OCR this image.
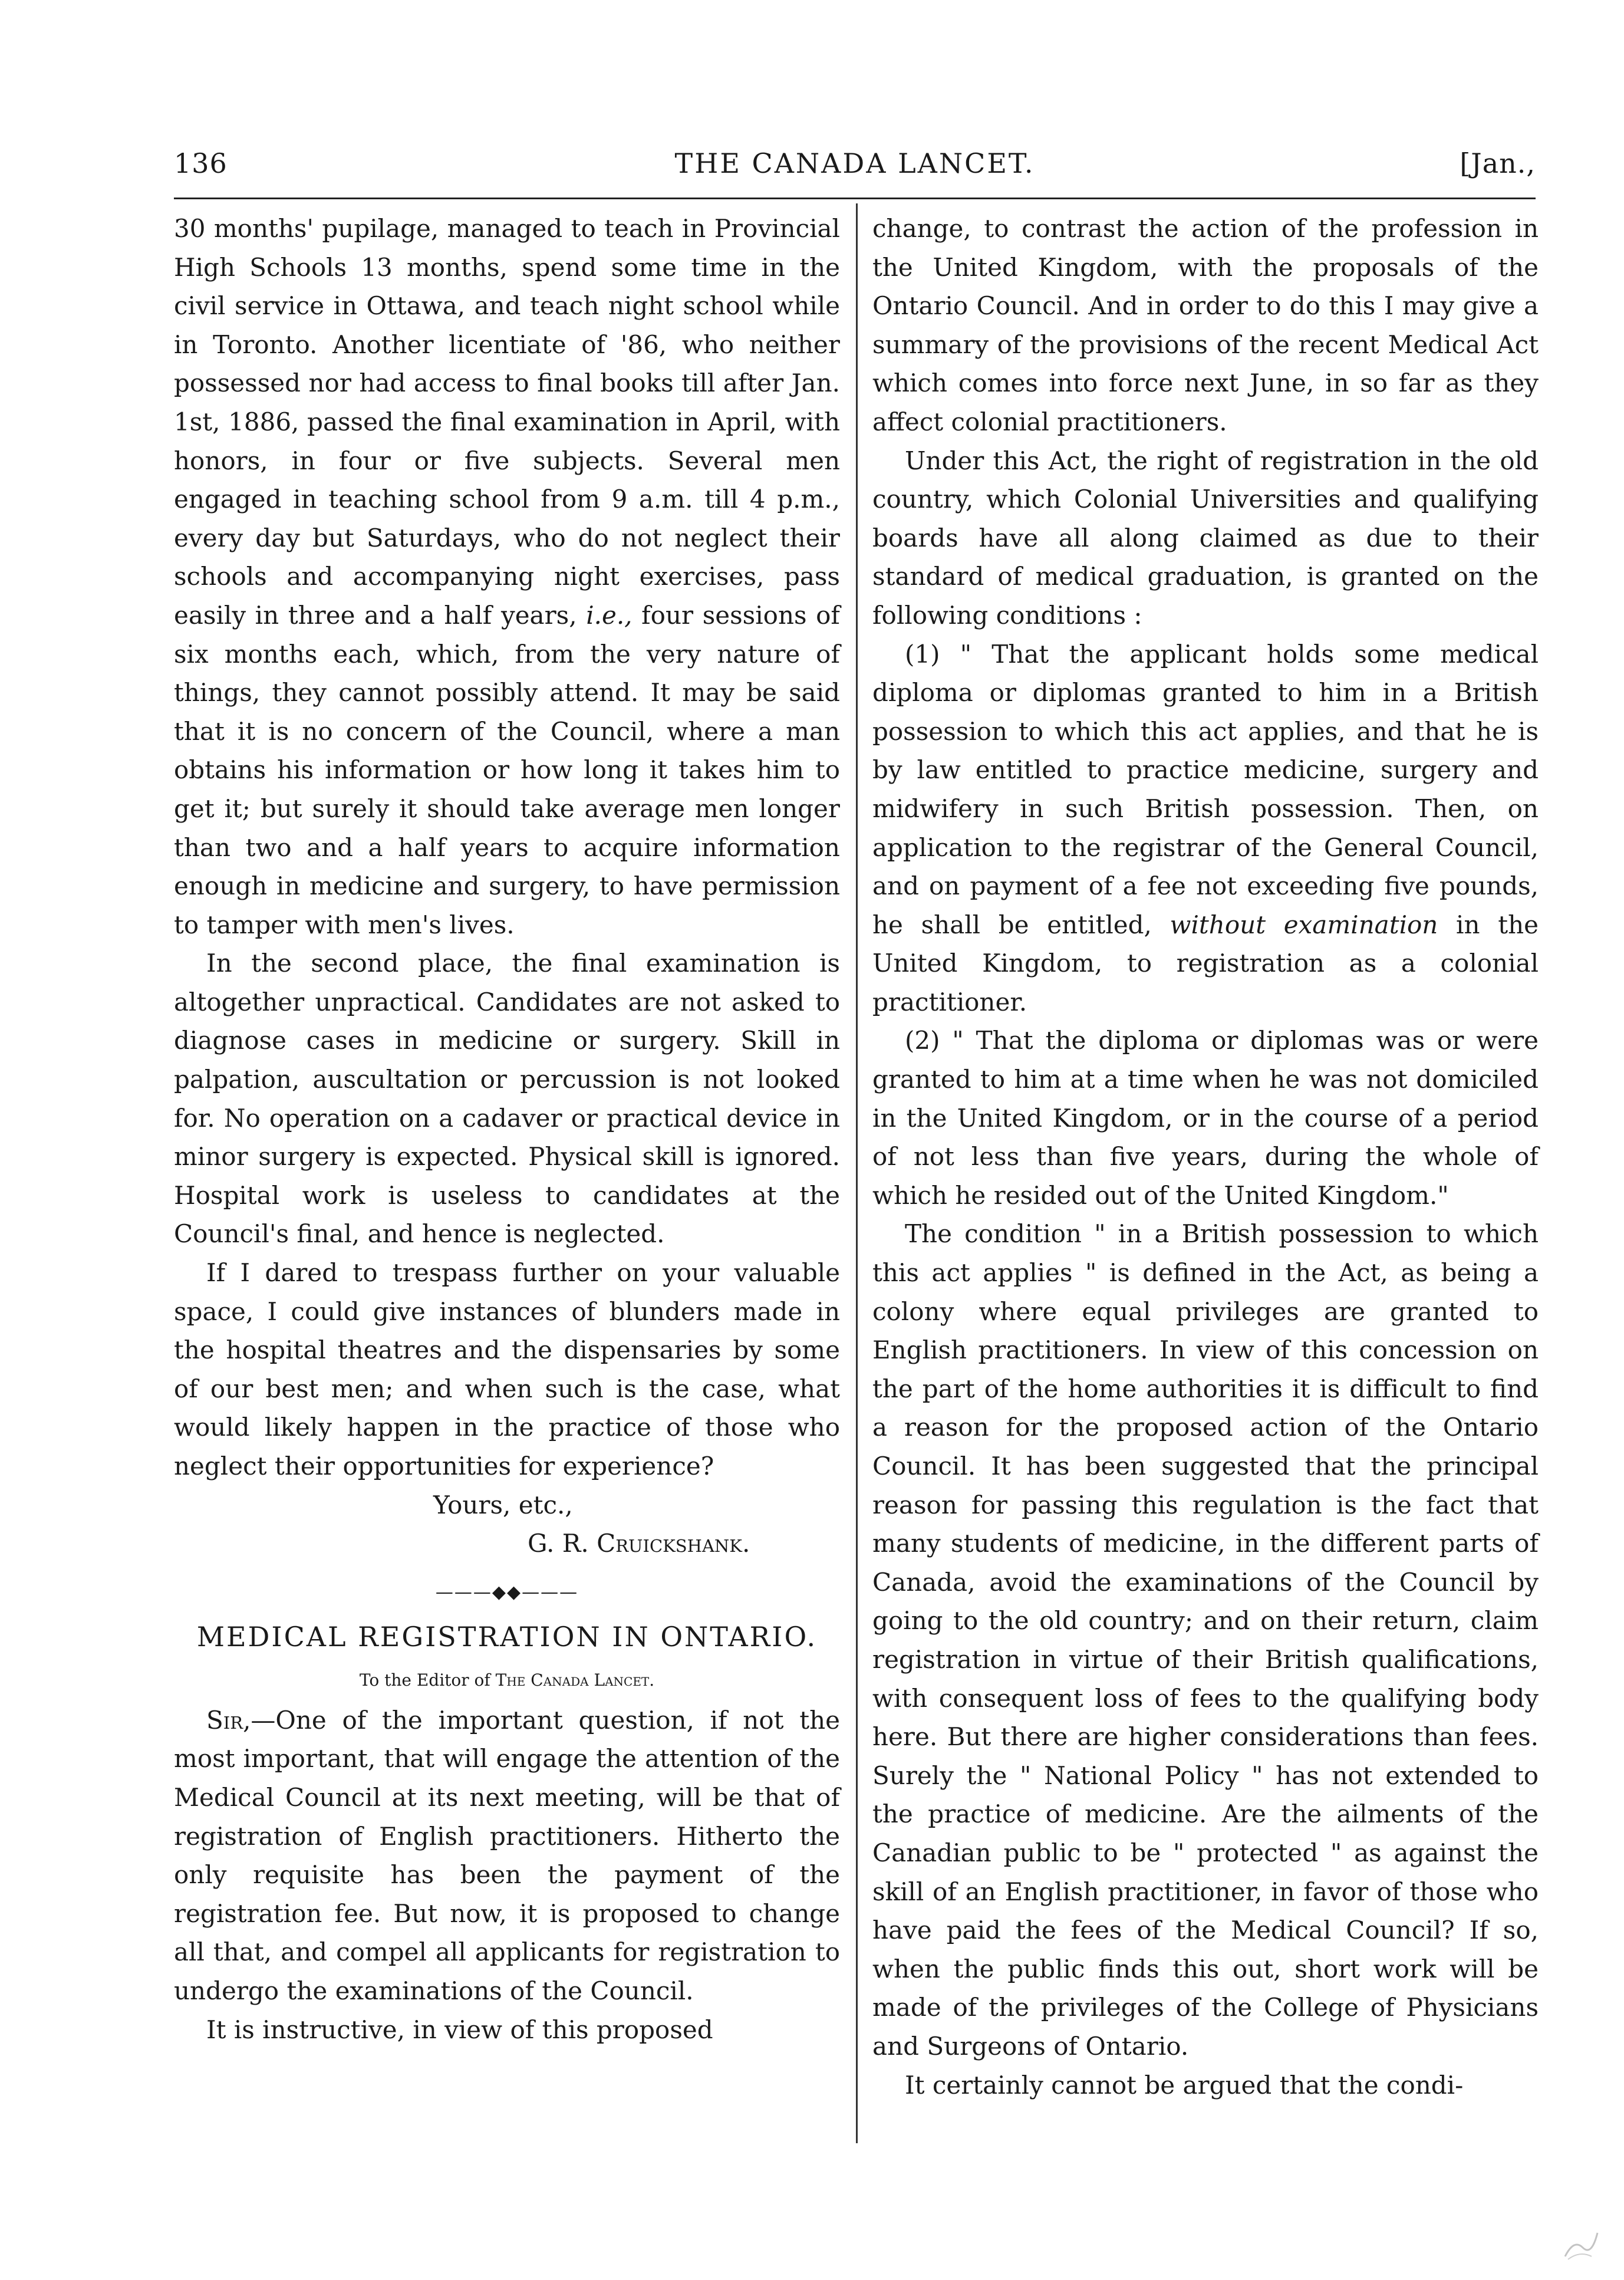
136	THE CANADA LANCET.	[Jan.,

30 months' pupilage, managed to teach in Provincial High Schools 13 months, spend some time in the civil service in Ottawa, and teach night school while in Toronto. Another licentiate of '86, who neither possessed nor had access to final books till after Jan. 1st, 1886, passed the final examination in April, with honors, in four or five subjects. Several men engaged in teaching school from 9 a.m. till 4 p.m., every day but Saturdays, who do not neglect their schools and accompanying night exercises, pass easily in three and a half years, i.e., four sessions of six months each, which, from the very nature of things, they cannot possibly attend. It may be said that it is no concern of the Council, where a man obtains his information or how long it takes him to get it; but surely it should take average men longer than two and a half years to acquire information enough in medicine and surgery, to have permission to tamper with men's lives.

In the second place, the final examination is altogether unpractical. Candidates are not asked to diagnose cases in medicine or surgery. Skill in palpation, auscultation or percussion is not looked for. No operation on a cadaver or practical device in minor surgery is expected. Physical skill is ignored. Hospital work is useless to candidates at the Council's final, and hence is neglected.

If I dared to trespass further on your valuable space, I could give instances of blunders made in the hospital theatres and the dispensaries by some of our best men; and when such is the case, what would likely happen in the practice of those who neglect their opportunities for experience?

Yours, etc.,
G. R. Cruickshank.
———◆◆———
MEDICAL REGISTRATION IN ONTARIO.
To the Editor of The Canada Lancet.

Sir,—One of the important question, if not the most important, that will engage the attention of the Medical Council at its next meeting, will be that of registration of English practitioners. Hitherto the only requisite has been the payment of the registration fee. But now, it is proposed to change all that, and compel all applicants for registration to undergo the examinations of the Council.

It is instructive, in view of this proposed

change, to contrast the action of the profession in the United Kingdom, with the proposals of the Ontario Council. And in order to do this I may give a summary of the provisions of the recent Medical Act which comes into force next June, in so far as they affect colonial practitioners.

Under this Act, the right of registration in the old country, which Colonial Universities and qualifying boards have all along claimed as due to their standard of medical graduation, is granted on the following conditions :

(1) " That the applicant holds some medical diploma or diplomas granted to him in a British possession to which this act applies, and that he is by law entitled to practice medicine, surgery and midwifery in such British possession. Then, on application to the registrar of the General Council, and on payment of a fee not exceeding five pounds, he shall be entitled, without examination in the United Kingdom, to registration as a colonial practitioner.

(2) " That the diploma or diplomas was or were granted to him at a time when he was not domiciled in the United Kingdom, or in the course of a period of not less than five years, during the whole of which he resided out of the United Kingdom."

The condition " in a British possession to which this act applies " is defined in the Act, as being a colony where equal privileges are granted to English practitioners. In view of this concession on the part of the home authorities it is difficult to find a reason for the proposed action of the Ontario Council. It has been suggested that the principal reason for passing this regulation is the fact that many students of medicine, in the different parts of Canada, avoid the examinations of the Council by going to the old country; and on their return, claim registration in virtue of their British qualifications, with consequent loss of fees to the qualifying body here. But there are higher considerations than fees. Surely the " National Policy " has not extended to the practice of medicine. Are the ailments of the Canadian public to be " protected " as against the skill of an English practitioner, in favor of those who have paid the fees of the Medical Council? If so, when the public finds this out, short work will be made of the privileges of the College of Physicians and Surgeons of Ontario.

It certainly cannot be argued that the condi-
